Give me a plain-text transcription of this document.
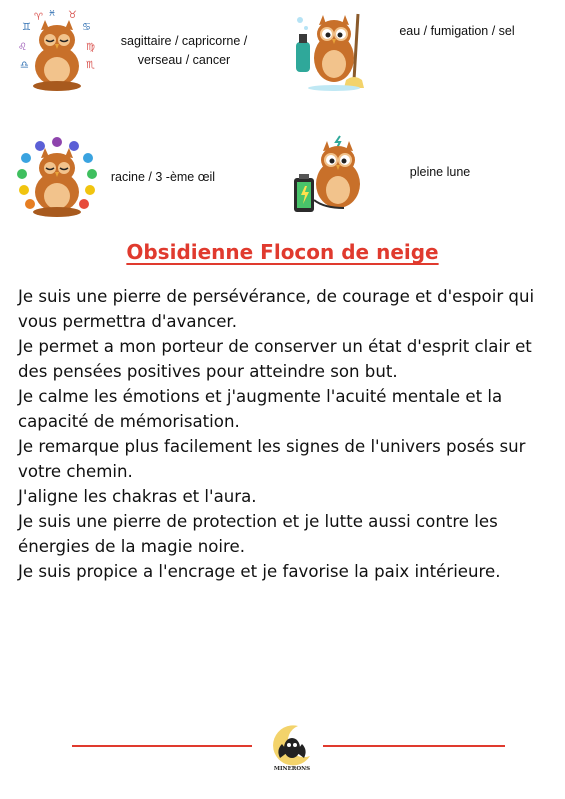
♊
♈ ♓ ♉
♋
♌	♍
♎	♏
sagittaire / capricorne / verseau / cancer
eau / fumigation / sel
racine / 3 -ème œil	pleine lune
Obsidienne Flocon de neige

Je suis une pierre de persévérance, de courage et d'espoir qui vous permettra d'avancer.

Je permet a mon porteur de conserver un état d'esprit clair et des pensées positives pour atteindre son but.

Je calme les émotions et j'augmente l'acuité mentale et la capacité de mémorisation.

Je remarque plus facilement les signes de l'univers posés sur votre chemin.

J'aligne les chakras et l'aura.

Je suis une pierre de protection et je lutte aussi contre les énergies de la magie noire.

Je suis propice a l'encrage et je favorise la paix intérieure.

MINERONS
